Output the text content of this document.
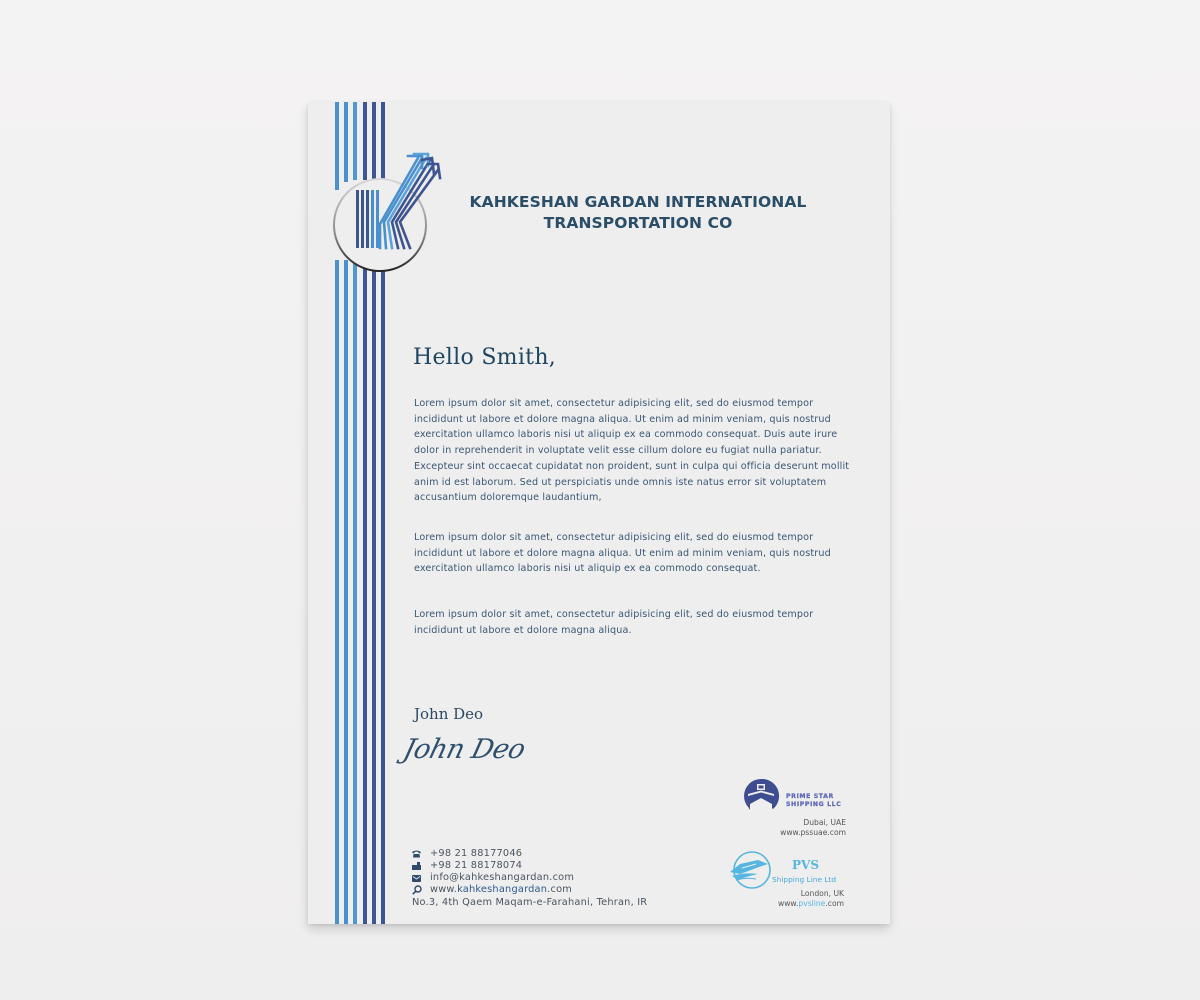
KAHKESHAN GARDAN INTERNATIONAL
TRANSPORTATION CO
Hello Smith,
Lorem ipsum dolor sit amet, consectetur adipisicing elit, sed do eiusmod tempor incididunt ut labore et dolore magna aliqua. Ut enim ad minim veniam, quis nostrud exercitation ullamco laboris nisi ut aliquip ex ea commodo consequat. Duis aute irure dolor in reprehenderit in voluptate velit esse cillum dolore eu fugiat nulla pariatur. Excepteur sint occaecat cupidatat non proident, sunt in culpa qui officia deserunt mollit anim id est laborum. Sed ut perspiciatis unde omnis iste natus error sit voluptatem accusantium doloremque laudantium,
Lorem ipsum dolor sit amet, consectetur adipisicing elit, sed do eiusmod tempor incididunt ut labore et dolore magna aliqua. Ut enim ad minim veniam, quis nostrud exercitation ullamco laboris nisi ut aliquip ex ea commodo consequat.
Lorem ipsum dolor sit amet, consectetur adipisicing elit, sed do eiusmod tempor incididunt ut labore et dolore magna aliqua.
John Deo
John Deo
+98 21 88177046
+98 21 88178074
info@kahkeshangardan.com
www.kahkeshangardan.com
No.3, 4th Qaem Maqam-e-Farahani, Tehran, IR
PRIME STAR
SHIPPING LLC
Dubai, UAE
www.pssuae.com
PVS
Shipping Line Ltd
London, UK
www.pvsline.com
